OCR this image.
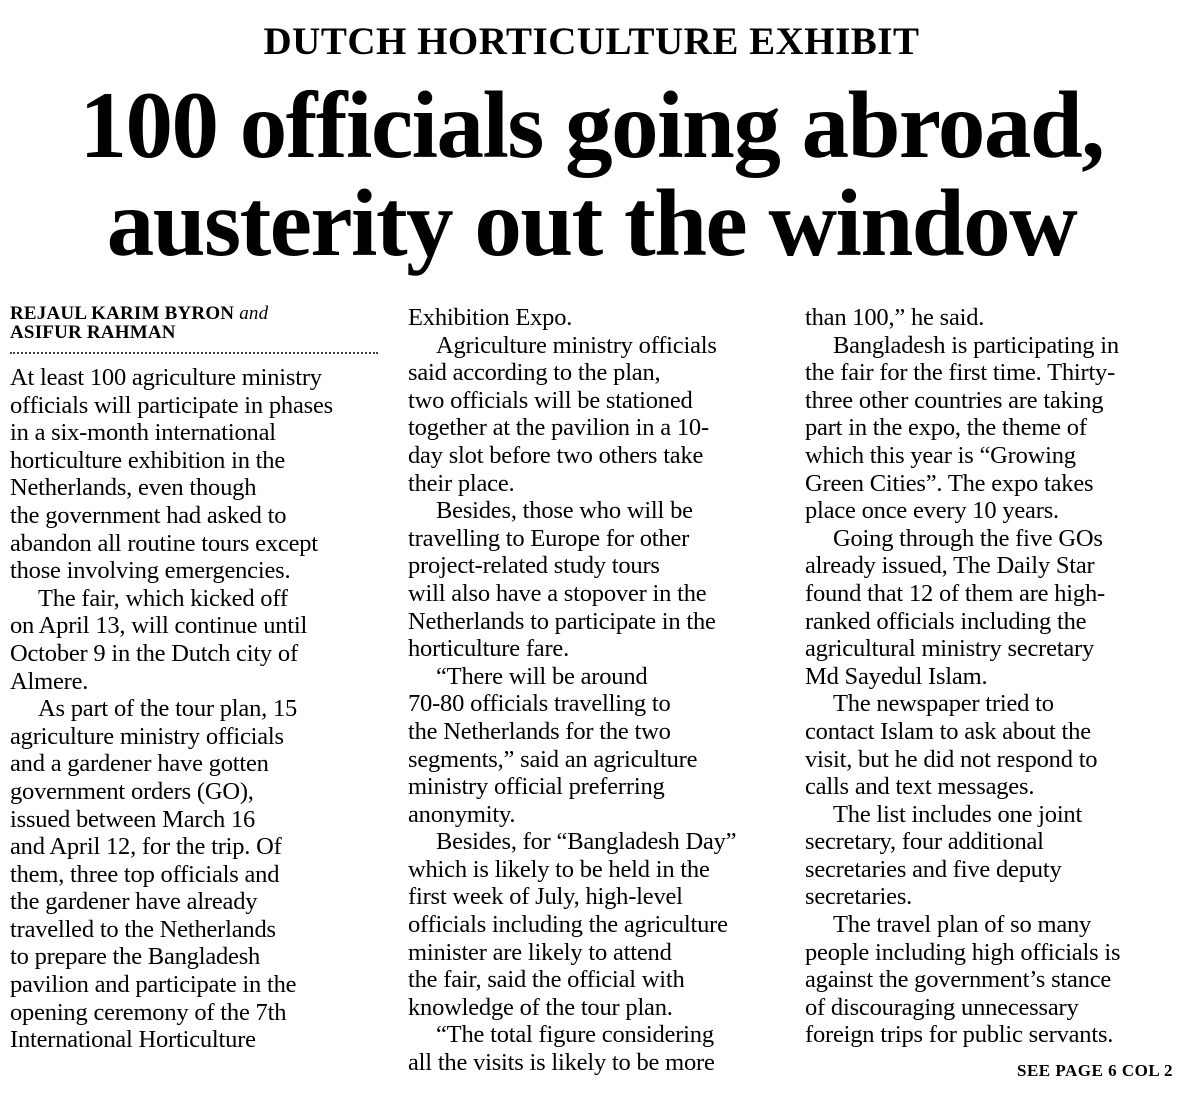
DUTCH HORTICULTURE EXHIBIT
100 officials going abroad,
austerity out the window
REJAUL KARIM BYRON and
ASIFUR RAHMAN

At least 100 agriculture ministry
officials will participate in phases
in a six-month international
horticulture exhibition in the
Netherlands, even though
the government had asked to
abandon all routine tours except
those involving emergencies.

The fair, which kicked off
on April 13, will continue until
October 9 in the Dutch city of
Almere.

As part of the tour plan, 15
agriculture ministry officials
and a gardener have gotten
government orders (GO),
issued between March 16
and April 12, for the trip. Of
them, three top officials and
the gardener have already
travelled to the Netherlands
to prepare the Bangladesh
pavilion and participate in the
opening ceremony of the 7th
International Horticulture

Exhibition Expo.

Agriculture ministry officials
said according to the plan,
two officials will be stationed
together at the pavilion in a 10-
day slot before two others take
their place.

Besides, those who will be
travelling to Europe for other
project-related study tours
will also have a stopover in the
Netherlands to participate in the
horticulture fare.

“There will be around
70-80 officials travelling to
the Netherlands for the two
segments,” said an agriculture
ministry official preferring
anonymity.

Besides, for “Bangladesh Day”
which is likely to be held in the
first week of July, high-level
officials including the agriculture
minister are likely to attend
the fair, said the official with
knowledge of the tour plan.

“The total figure considering
all the visits is likely to be more

than 100,” he said.

Bangladesh is participating in
the fair for the first time. Thirty-
three other countries are taking
part in the expo, the theme of
which this year is “Growing
Green Cities”. The expo takes
place once every 10 years.

Going through the five GOs
already issued, The Daily Star
found that 12 of them are high-
ranked officials including the
agricultural ministry secretary
Md Sayedul Islam.

The newspaper tried to
contact Islam to ask about the
visit, but he did not respond to
calls and text messages.

The list includes one joint
secretary, four additional
secretaries and five deputy
secretaries.

The travel plan of so many
people including high officials is
against the government’s stance
of discouraging unnecessary
foreign trips for public servants.

SEE PAGE 6 COL 2
